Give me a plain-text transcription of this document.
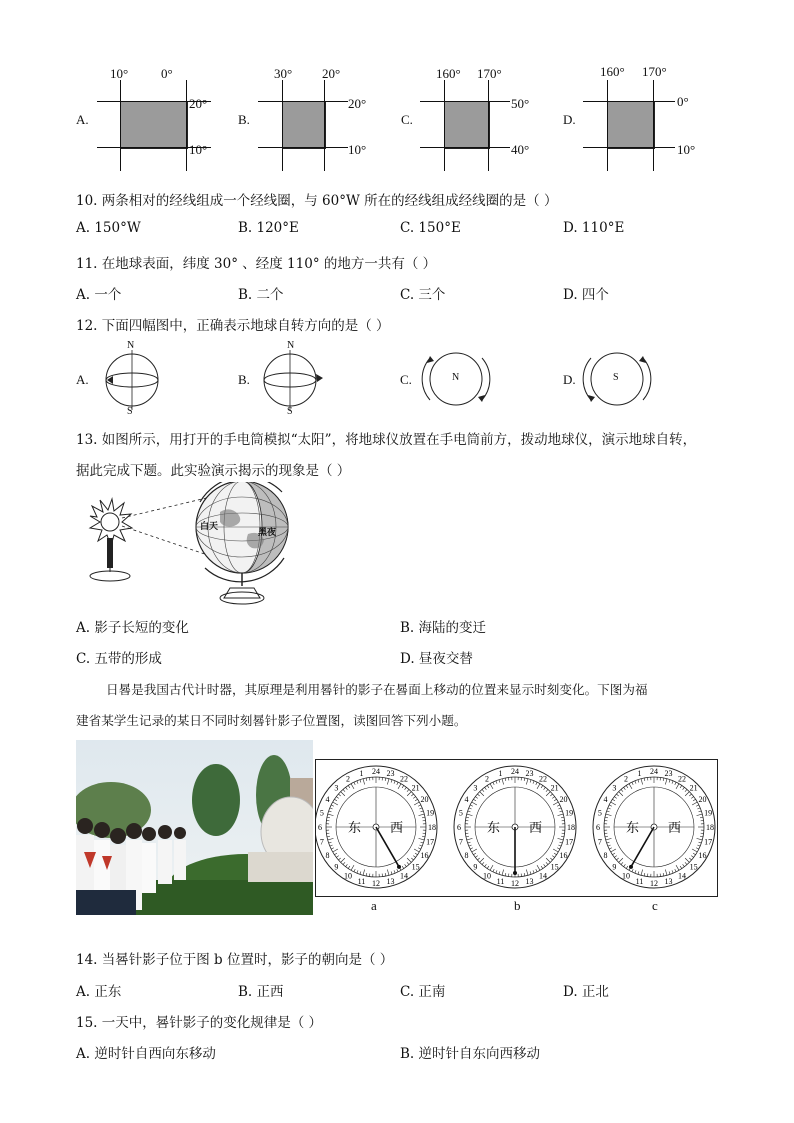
A.
10°	0°
20°
10°
B.
30° 20°
20°
10°
C.
160° 170°
50°
40°
D.
160° 170°
0°
10°
10. 两条相对的经线组成一个经线圈，与 60°W 所在的经线组成经线圈的是（ ）
A. 150°W	B. 120°E	C. 150°E	D. 110°E
11. 在地球表面，纬度 30° 、经度 110° 的地方一共有（ ）
A. 一个	B. 二个	C. 三个	D. 四个
12. 下面四幅图中，正确表示地球自转方向的是（ ）
A.
N
S
B.
N
S
C.	N	D.	S
13. 如图所示，用打开的手电筒模拟“太阳”，将地球仪放置在手电筒前方，拨动地球仪，演示地球自转，
据此完成下题。此实验演示揭示的现象是（ ）
白天
黑夜
A. 影子长短的变化	B. 海陆的变迁
C. 五带的形成	D. 昼夜交替
日晷是我国古代计时器，其原理是利用晷针的影子在晷面上移动的位置来显示时刻变化。下图为福
建省某学生记录的某日不同时刻晷针影子位置图，读图回答下列小题。
24 23
22
21
20
19
18
17
16
15
14
13
12
11
10
9
8
7
6
5
4
3
2
1
东 西
24 23
22
21
20
19
18
17
16
15
14
13
12
11
10
9
8
7
6
5
4
3
2
1
东 西
24 23
22
21
20
19
18
17
16
15
14
13
12
11
10
9
8
7
6
5
4
3
2
1
东 西
a	b	c
14. 当晷针影子位于图 b 位置时，影子的朝向是（ ）
A. 正东	B. 正西	C. 正南	D. 正北
15. 一天中，晷针影子的变化规律是（ ）
A. 逆时针自西向东移动	B. 逆时针自东向西移动
